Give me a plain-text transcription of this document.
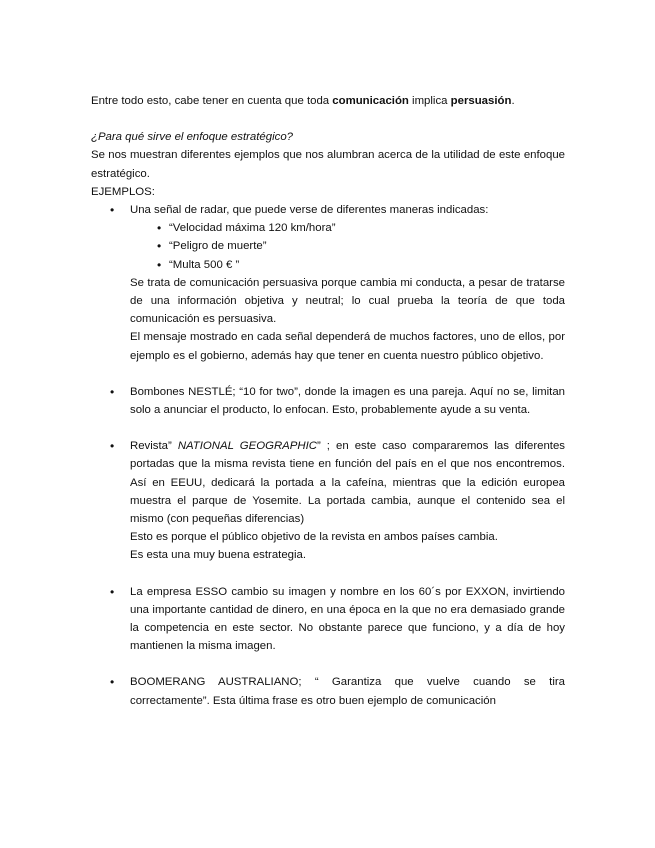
Entre todo esto, cabe tener en cuenta que toda comunicación implica persuasión.

¿Para qué sirve el enfoque estratégico?

Se nos muestran diferentes ejemplos que nos alumbran acerca de la utilidad de este enfoque estratégico.

EJEMPLOS:

• Una señal de radar, que puede verse de diferentes maneras indicadas:

• “Velocidad máxima 120 km/hora”
• “Peligro de muerte”
• “Multa 500 € ”

Se trata de comunicación persuasiva porque cambia mi conducta, a pesar de tratarse de una información objetiva y neutral; lo cual prueba la teoría de que toda comunicación es persuasiva.

El mensaje mostrado en cada señal dependerá de muchos factores, uno de ellos, por ejemplo es el gobierno, además hay que tener en cuenta nuestro público objetivo.

• Bombones NESTLÉ; “10 for two”, donde la imagen es una pareja. Aquí no se, limitan solo a anunciar el producto, lo enfocan. Esto, probablemente ayude a su venta.

• Revista” NATIONAL GEOGRAPHIC” ; en este caso compararemos las diferentes portadas que la misma revista tiene en función del país en el que nos encontremos. Así en EEUU, dedicará la portada a la cafeína, mientras que la edición europea muestra el parque de Yosemite. La portada cambia, aunque el contenido sea el mismo (con pequeñas diferencias)

Esto es porque el público objetivo de la revista en ambos países cambia.

Es esta una muy buena estrategia.

• La empresa ESSO cambio su imagen y nombre en los 60´s por EXXON, invirtiendo una importante cantidad de dinero, en una época en la que no era demasiado grande la competencia en este sector. No obstante parece que funciono, y a día de hoy mantienen la misma imagen.

• BOOMERANG AUSTRALIANO; “ Garantiza que vuelve cuando se tira

correctamente”. Esta última frase es otro buen ejemplo de comunicación
